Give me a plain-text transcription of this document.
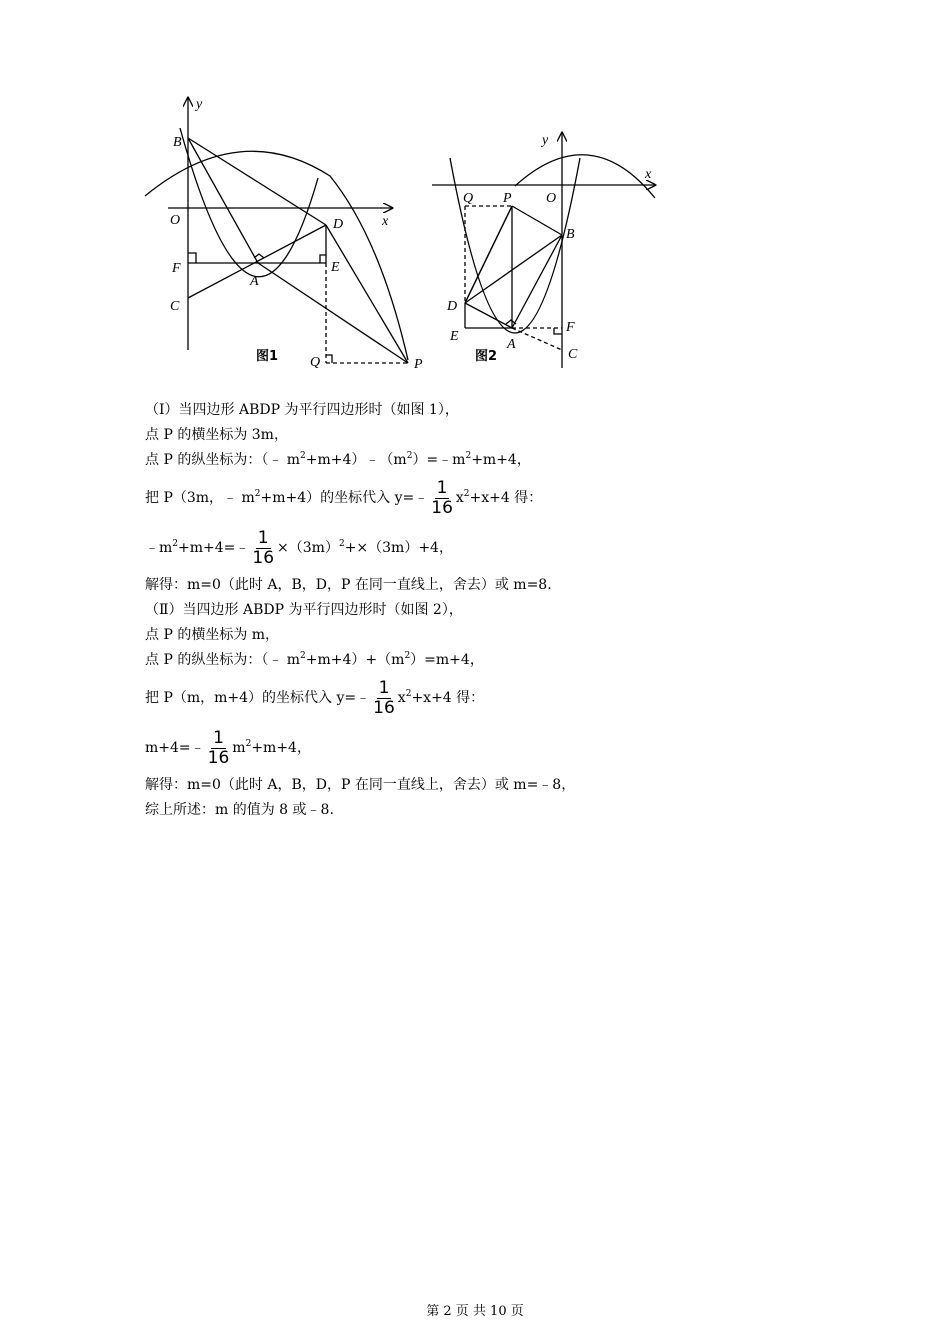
y
x
O
B
D
F
A
E
C
Q	P
图1
y
x
O
Q P
B
D
E
A
F
C
图2
（Ⅰ）当四边形 ABDP 为平行四边形时（如图 1），
点 P 的横坐标为 3m，
点 P 的纵坐标为：（﹣ $m^2+m+4)﹣(m^2)=﹣m^2+m+4$，
把 P（3m，﹣ $m^2+m+4$）的坐标代入 y=﹣ $\frac{1}{16} x^2+x+4$ 得：
$﹣m^2+m+4=﹣ \frac{1}{16} \times(3m)^2+\times(3m)+4$，
解得：m=0（此时 A，B，D，P 在同一直线上，舍去）或 m=8.
（Ⅱ）当四边形 ABDP 为平行四边形时（如图 2），
点 P 的横坐标为 m，
点 P 的纵坐标为：（﹣ $m^2+m+4)+(m^2)=m+4$，
把 P（m，m+4）的坐标代入 y=﹣ $\frac{1}{16} x^2+x+4$ 得：
m+4=﹣ $\frac{1}{16} m^2+m+4$，
解得：m=0（此时 A，B，D，P 在同一直线上，舍去）或 m=﹣8，
综上所述：m 的值为 8 或﹣8.
第 2 页 共 10 页
